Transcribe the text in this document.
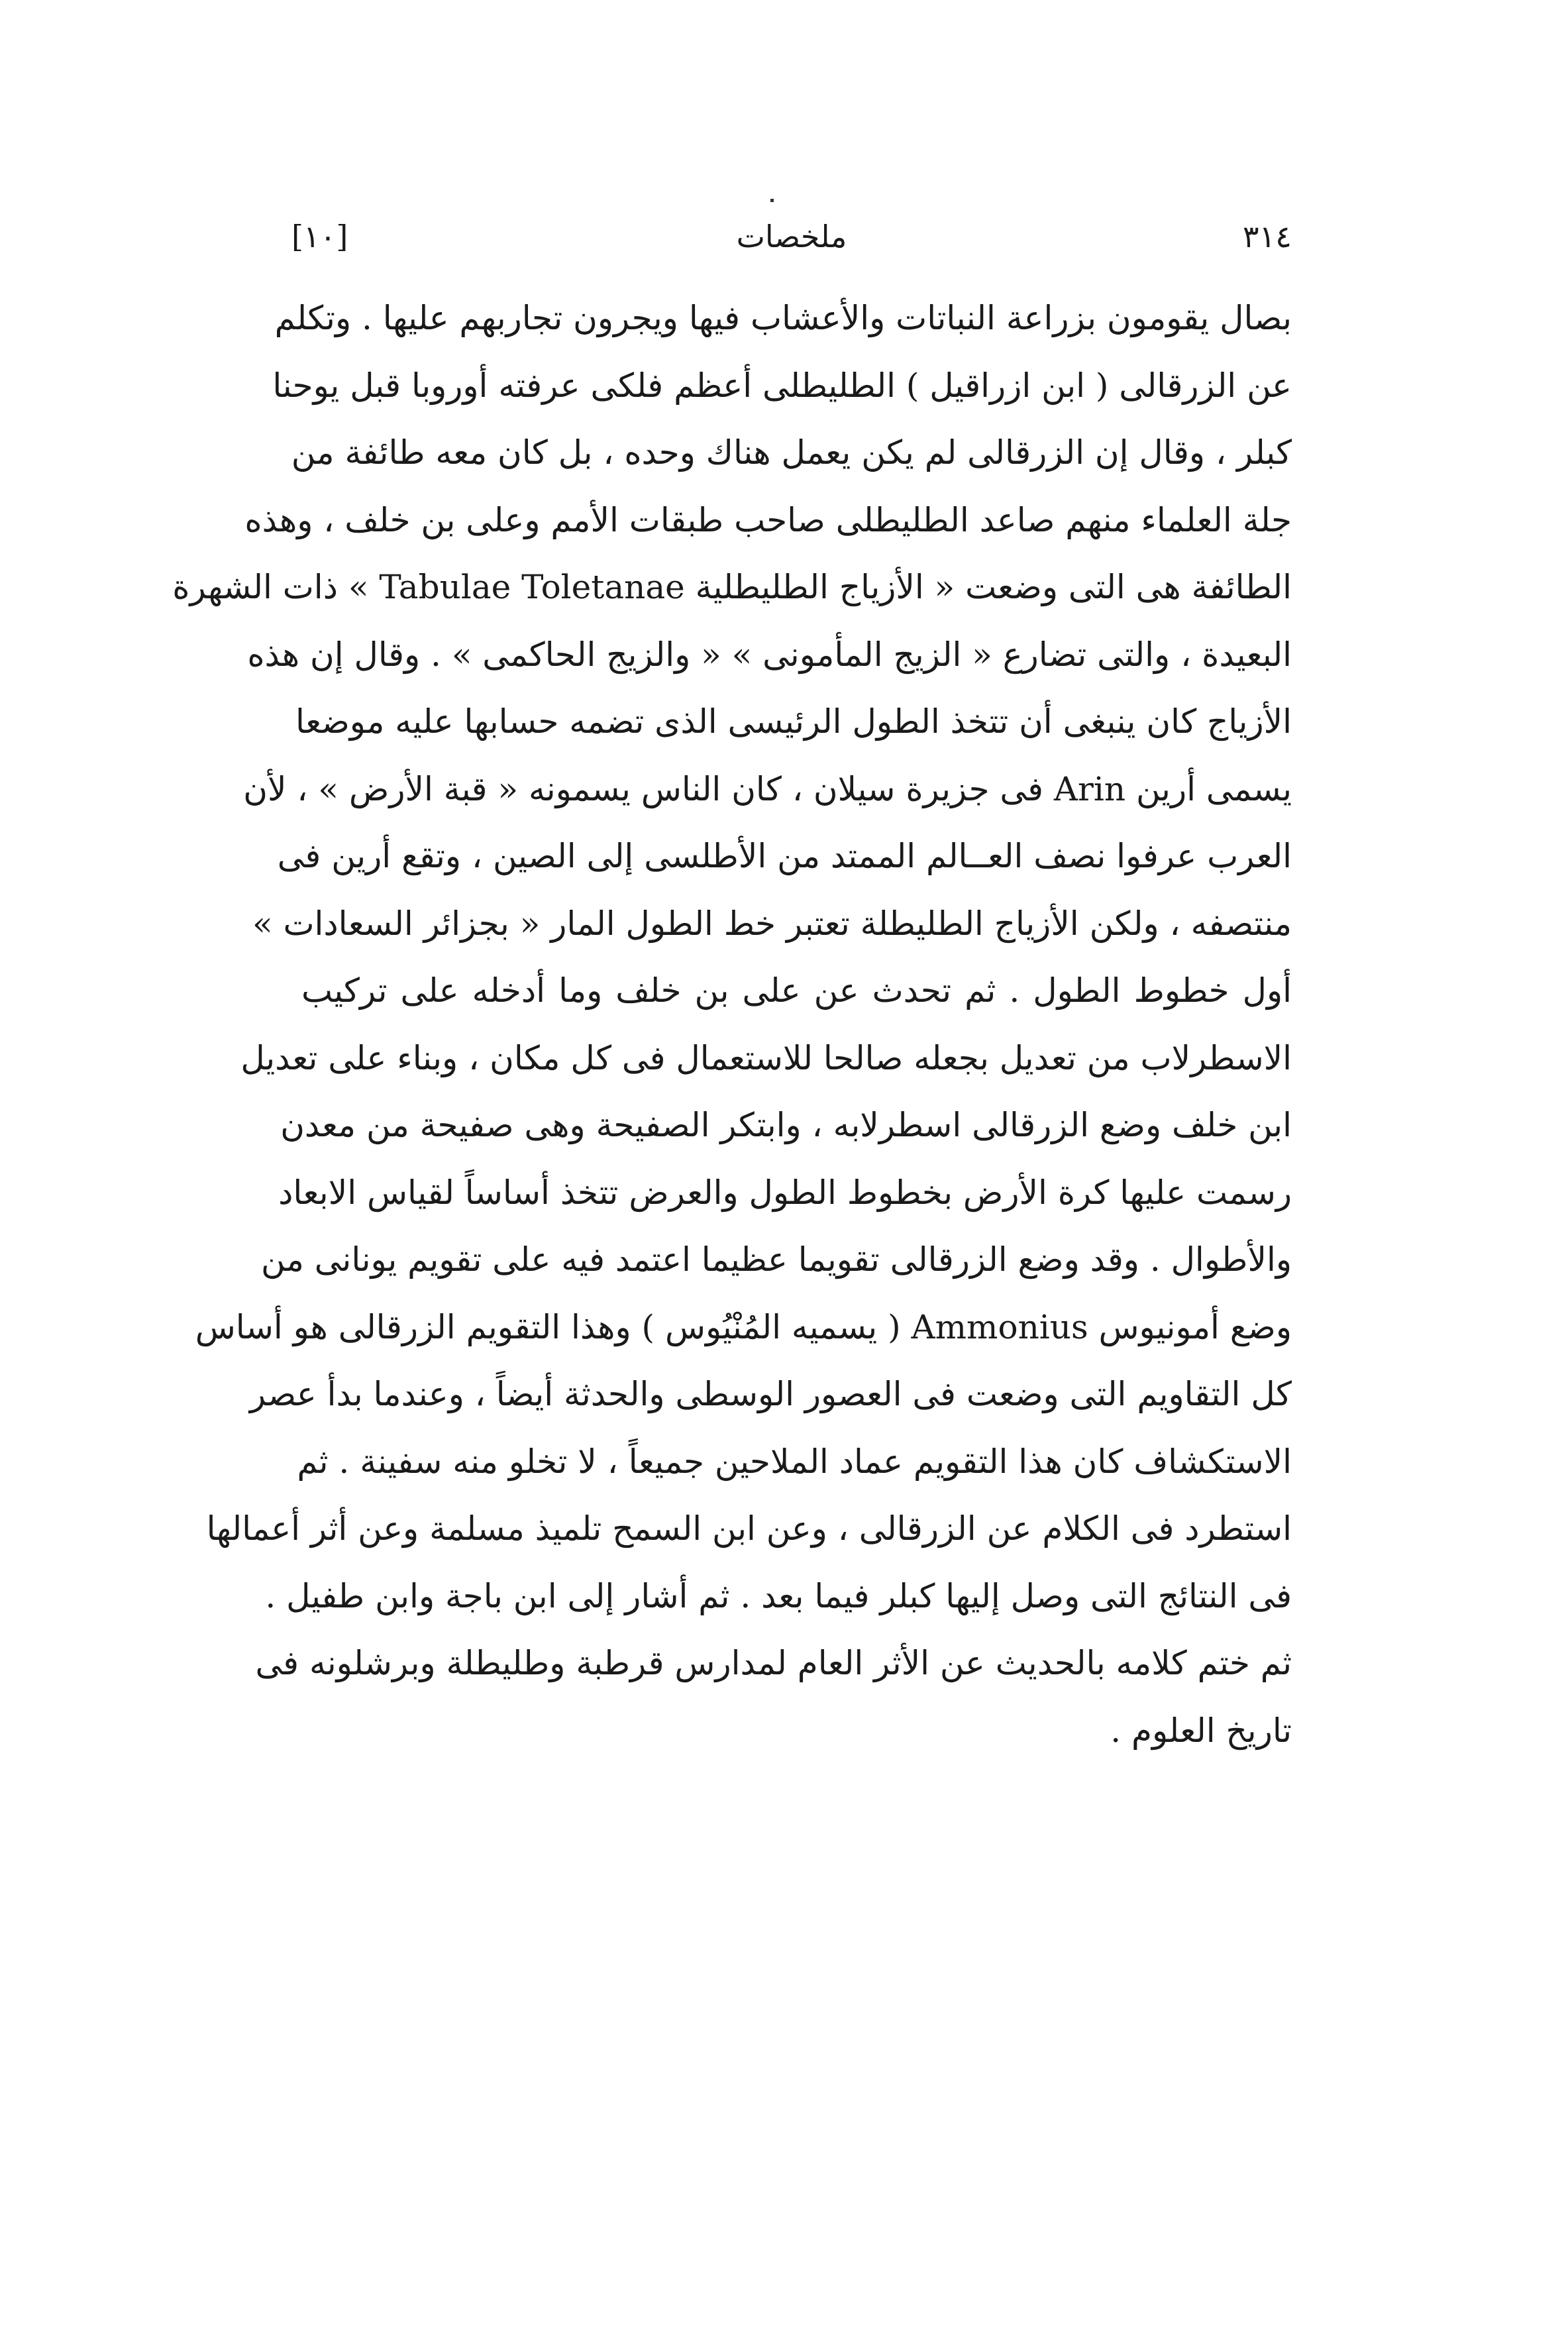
[١٠]	ملخصات	٣١٤
بصال يقومون بزراعة النباتات والأعشاب فيها ويجرون تجاربهم عليها . وتكلم
عن الزرقالى ( ابن ازراقيل ) الطليطلى أعظم فلكى عرفته أوروبا قبل يوحنا
كبلر ، وقال إن الزرقالى لم يكن يعمل هناك وحده ، بل كان معه طائفة من
جلة العلماء منهم صاعد الطليطلى صاحب طبقات الأمم وعلى بن خلف ، وهذه
الطائفة هى التى وضعت « الأزياج الطليطلية Tabulae Toletanae » ذات الشهرة
البعيدة ، والتى تضارع « الزيج المأمونى » « والزيج الحاكمى » . وقال إن هذه
الأزياج كان ينبغى أن تتخذ الطول الرئيسى الذى تضمه حسابها عليه موضعا
يسمى أرين Arin فى جزيرة سيلان ، كان الناس يسمونه « قبة الأرض » ، لأن
العرب عرفوا نصف العــالم الممتد من الأطلسى إلى الصين ، وتقع أرين فى
منتصفه ، ولكن الأزياج الطليطلة تعتبر خط الطول المار « بجزائر السعادات »
أول خطوط الطول . ثم تحدث عن على بن خلف وما أدخله على تركيب
الاسطرلاب من تعديل بجعله صالحا للاستعمال فى كل مكان ، وبناء على تعديل
ابن خلف وضع الزرقالى اسطرلابه ، وابتكر الصفيحة وهى صفيحة من معدن
رسمت عليها كرة الأرض بخطوط الطول والعرض تتخذ أساساً لقياس الابعاد
والأطوال . وقد وضع الزرقالى تقويما عظيما اعتمد فيه على تقويم يونانى من
وضع أمونيوس Ammonius ( يسميه المُنْيُوس ) وهذا التقويم الزرقالى هو أساس
كل التقاويم التى وضعت فى العصور الوسطى والحدثة أيضاً ، وعندما بدأ عصر
الاستكشاف كان هذا التقويم عماد الملاحين جميعاً ، لا تخلو منه سفينة . ثم
استطرد فى الكلام عن الزرقالى ، وعن ابن السمح تلميذ مسلمة وعن أثر أعمالها
فى النتائج التى وصل إليها كبلر فيما بعد . ثم أشار إلى ابن باجة وابن طفيل .
ثم ختم كلامه بالحديث عن الأثر العام لمدارس قرطبة وطليطلة وبرشلونه فى
تاريخ العلوم .
